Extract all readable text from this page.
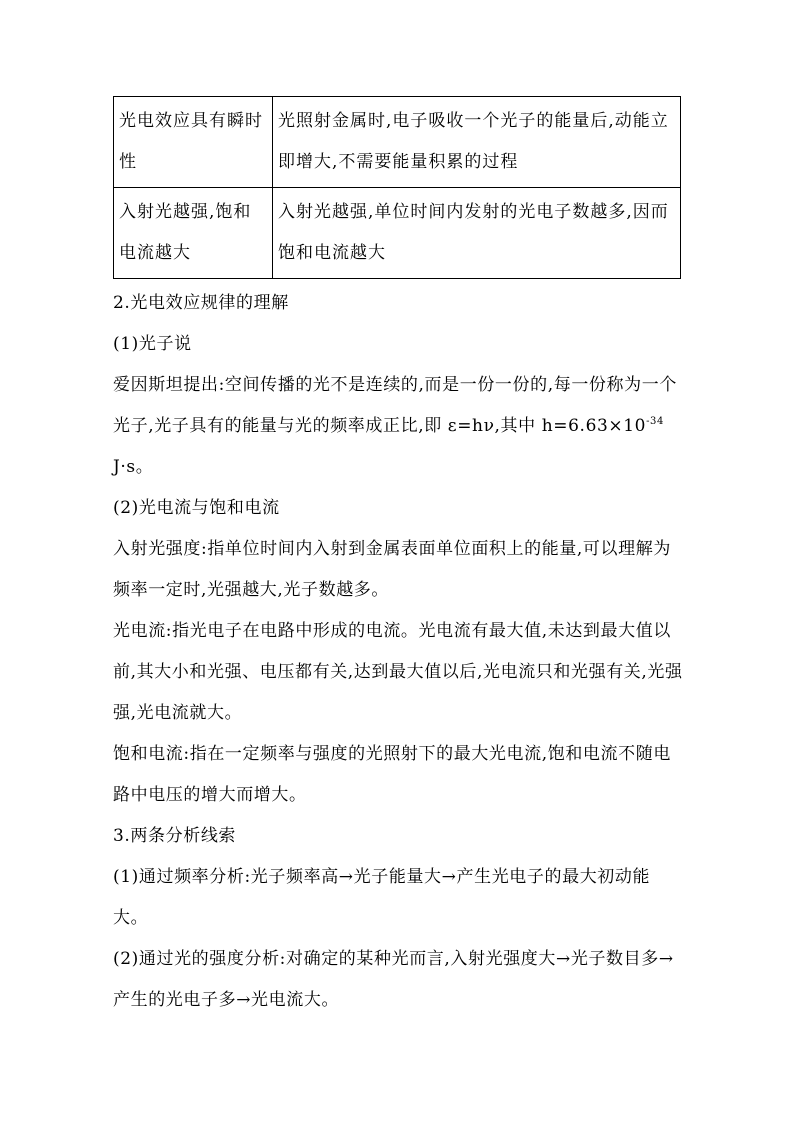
光电效应具有瞬时性	光照射金属时,电子吸收一个光子的能量后,动能立即增大,不需要能量积累的过程
入射光越强,饱和电流越大	入射光越强,单位时间内发射的光电子数越多,因而饱和电流越大

2.光电效应规律的理解

(1)光子说

爱因斯坦提出:空间传播的光不是连续的,而是一份一份的,每一份称为一个光子,光子具有的能量与光的频率成正比,即 ε=hν,其中 $h=6.63\times 10^{-34}$ J·s。

(2)光电流与饱和电流

入射光强度:指单位时间内入射到金属表面单位面积上的能量,可以理解为频率一定时,光强越大,光子数越多。

光电流:指光电子在电路中形成的电流。光电流有最大值,未达到最大值以前,其大小和光强、电压都有关,达到最大值以后,光电流只和光强有关,光强强,光电流就大。

饱和电流:指在一定频率与强度的光照射下的最大光电流,饱和电流不随电路中电压的增大而增大。

3.两条分析线索

(1)通过频率分析:光子频率高→光子能量大→产生光电子的最大初动能大。

(2)通过光的强度分析:对确定的某种光而言,入射光强度大→光子数目多→产生的光电子多→光电流大。
